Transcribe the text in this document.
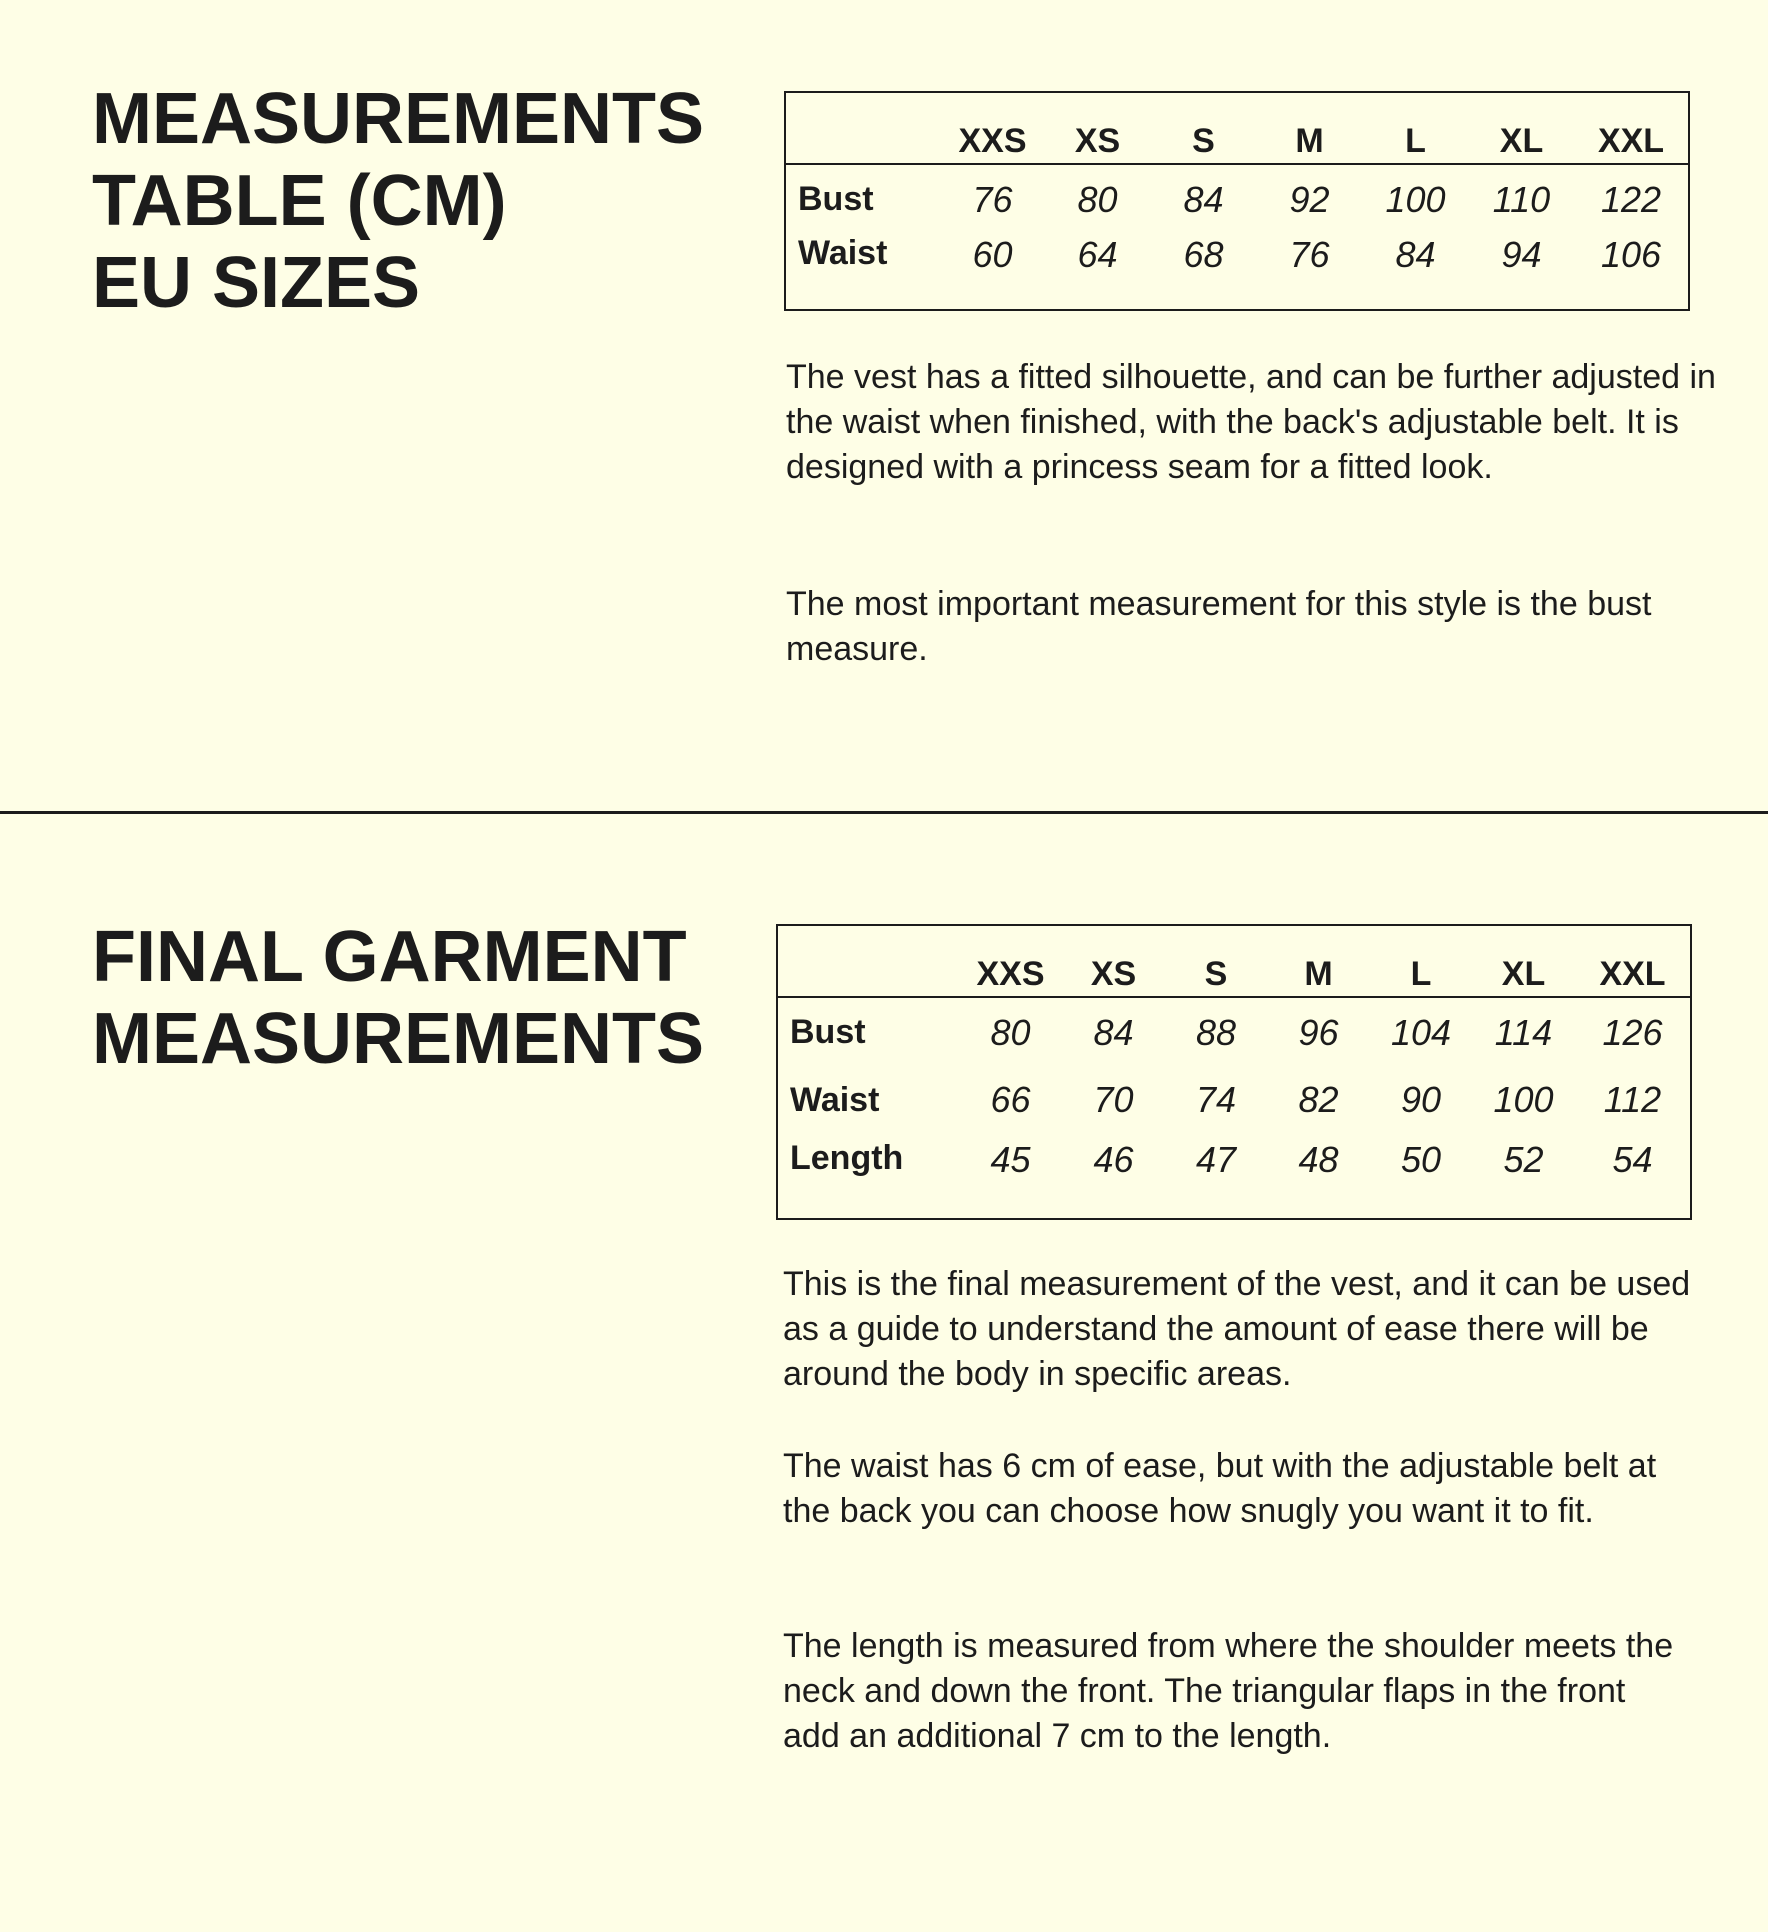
MEASUREMENTS
TABLE (CM)
EU SIZES
	XXS	XS	S	M	L	XL	XXL
Bust	76	80	84	92	100	110	122
Waist	60	64	68	76	84	94	106

The vest has a fitted silhouette, and can be further adjusted in the waist when finished, with the back's adjustable belt. It is designed with a princess seam for a fitted look.

The most important measurement for this style is the bust measure.

FINAL GARMENT
MEASUREMENTS
	XXS	XS	S	M	L	XL	XXL
Bust	80	84	88	96	104	114	126
Waist	66	70	74	82	90	100	112
Length	45	46	47	48	50	52	54

This is the final measurement of the vest, and it can be used as a guide to understand the amount of ease there will be around the body in specific areas.

The waist has 6 cm of ease, but with the adjustable belt at the back you can choose how snugly you want it to fit.

The length is measured from where the shoulder meets the neck and down the front. The triangular flaps in the front add an additional 7 cm to the length.
